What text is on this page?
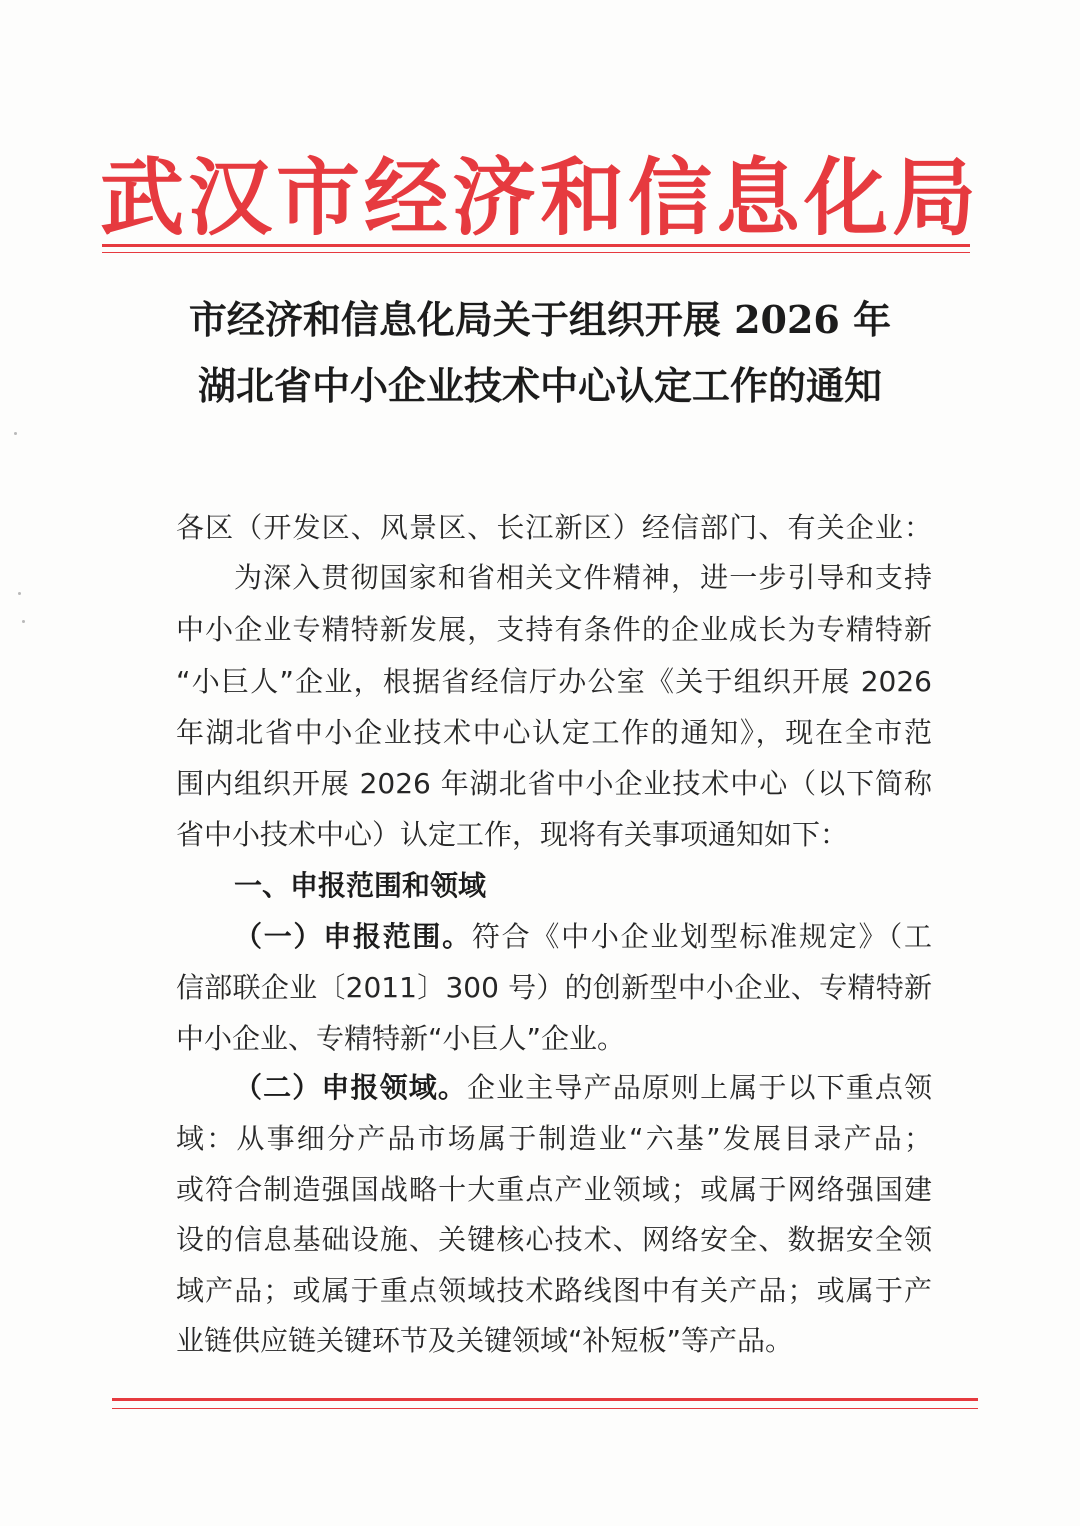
武汉市经济和信息化局
市经济和信息化局关于组织开展 2026 年
湖北省中小企业技术中心认定工作的通知
各区（开发区、风景区、长江新区）经信部门、有关企业：
为深入贯彻国家和省相关文件精神，进一步引导和支持
中小企业专精特新发展，支持有条件的企业成长为专精特新
“小巨人”企业，根据省经信厅办公室《关于组织开展 2026
年湖北省中小企业技术中心认定工作的通知》，现在全市范
围内组织开展 2026 年湖北省中小企业技术中心（以下简称
省中小技术中心）认定工作，现将有关事项通知如下：
一、申报范围和领域
（一）申报范围。符合《中小企业划型标准规定》（工
信部联企业〔2011〕300 号）的创新型中小企业、专精特新
中小企业、专精特新“小巨人”企业。
（二）申报领域。企业主导产品原则上属于以下重点领
域：从事细分产品市场属于制造业“六基”发展目录产品；
或符合制造强国战略十大重点产业领域；或属于网络强国建
设的信息基础设施、关键核心技术、网络安全、数据安全领
域产品；或属于重点领域技术路线图中有关产品；或属于产
业链供应链关键环节及关键领域“补短板”等产品。
